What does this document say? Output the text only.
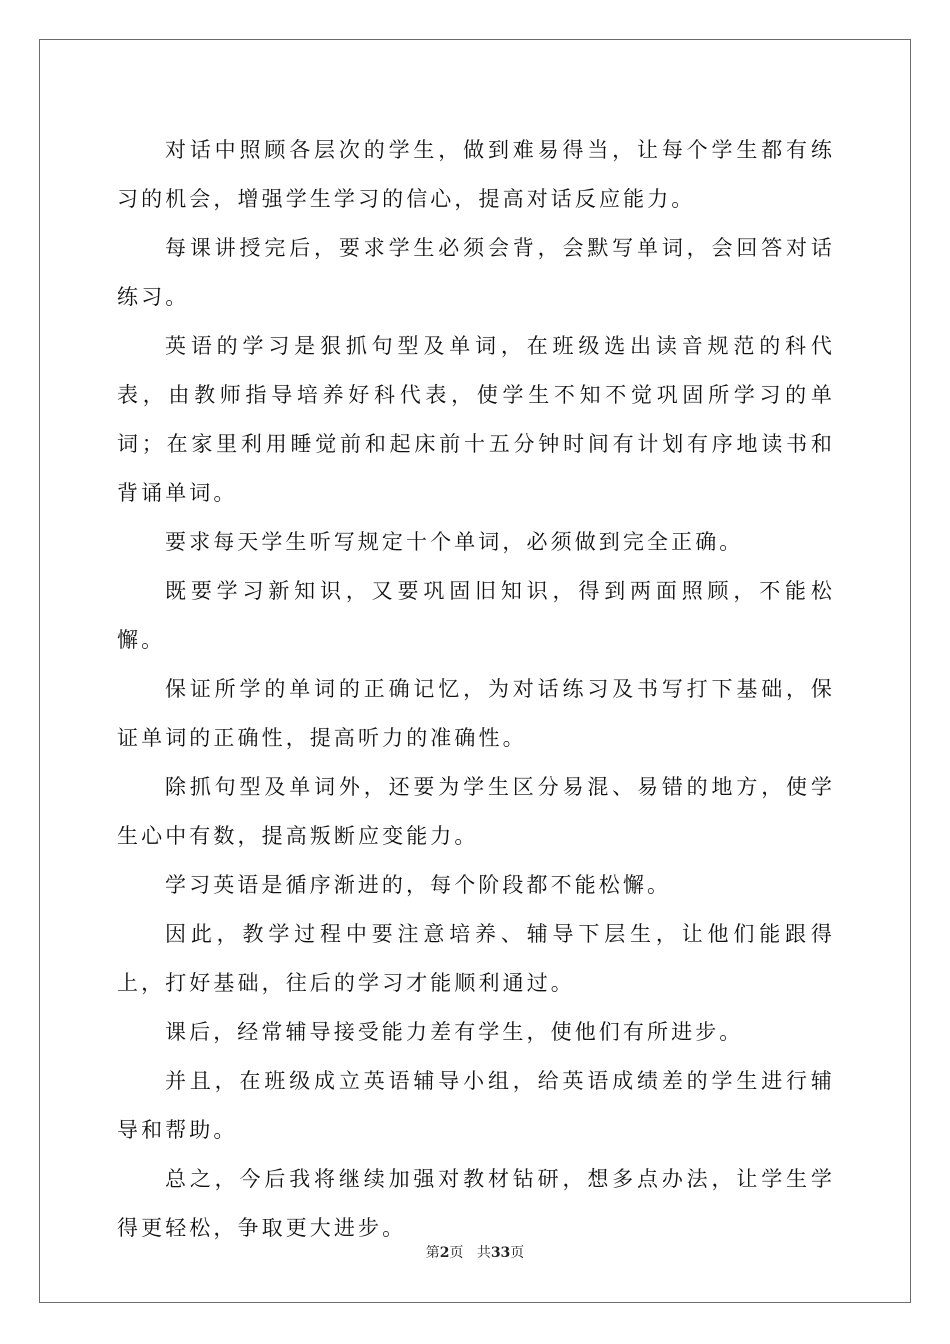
对话中照顾各层次的学生，做到难易得当，让每个学生都有练习的机会，增强学生学习的信心，提高对话反应能力。

每课讲授完后，要求学生必须会背，会默写单词，会回答对话练习。

英语的学习是狠抓句型及单词，在班级选出读音规范的科代表，由教师指导培养好科代表，使学生不知不觉巩固所学习的单词；在家里利用睡觉前和起床前十五分钟时间有计划有序地读书和背诵单词。

要求每天学生听写规定十个单词，必须做到完全正确。

既要学习新知识，又要巩固旧知识，得到两面照顾，不能松懈。

保证所学的单词的正确记忆，为对话练习及书写打下基础，保证单词的正确性，提高听力的准确性。

除抓句型及单词外，还要为学生区分易混、易错的地方，使学生心中有数，提高叛断应变能力。

学习英语是循序渐进的，每个阶段都不能松懈。

因此，教学过程中要注意培养、辅导下层生，让他们能跟得上，打好基础，往后的学习才能顺利通过。

课后，经常辅导接受能力差有学生，使他们有所进步。

并且，在班级成立英语辅导小组，给英语成绩差的学生进行辅导和帮助。

总之，今后我将继续加强对教材钻研，想多点办法，让学生学得更轻松，争取更大进步。

第2页 共33页
